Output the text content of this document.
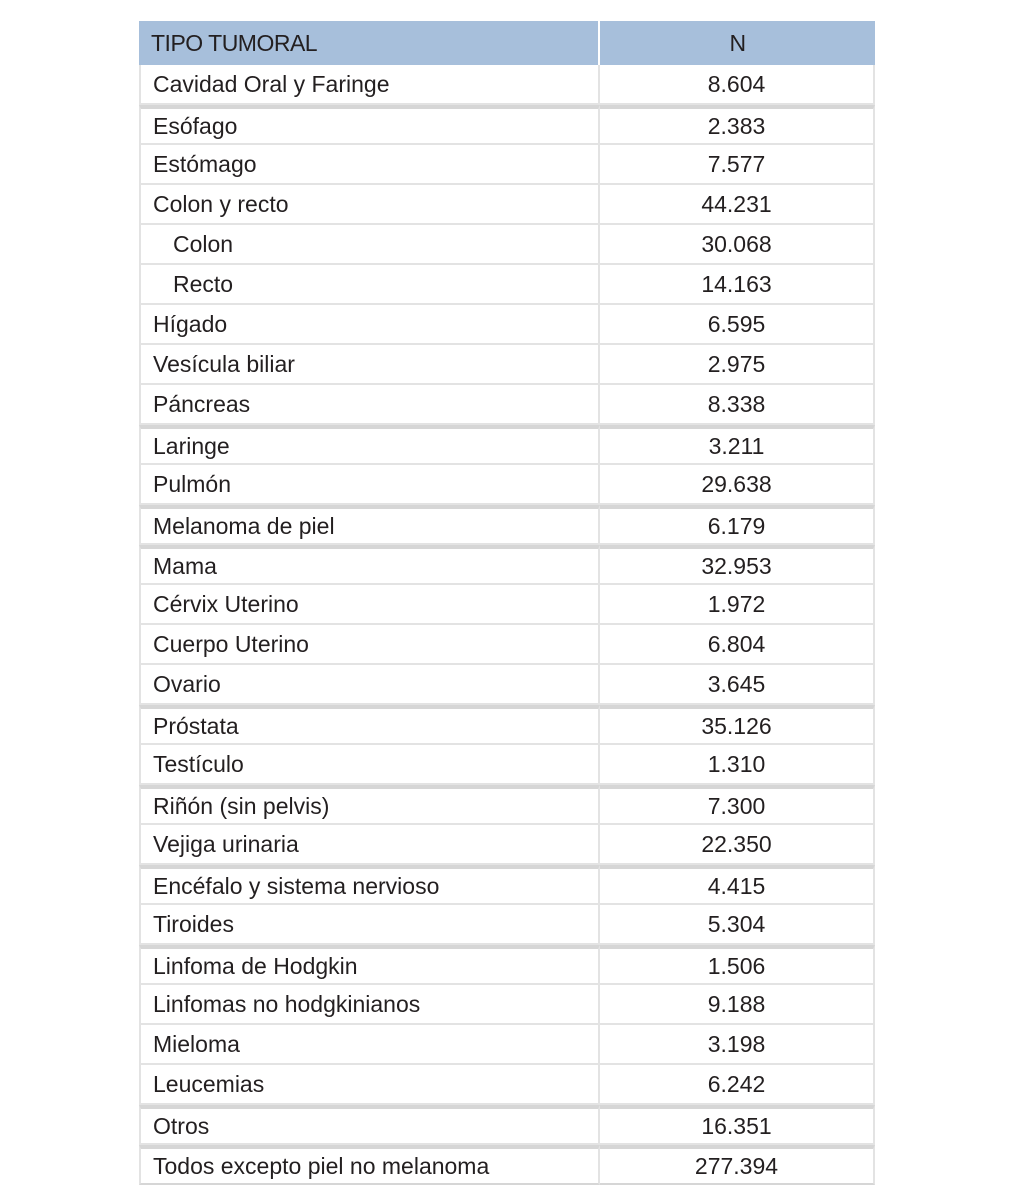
TIPO TUMORAL	N
Cavidad Oral y Faringe	8.604
Esófago	2.383
Estómago	7.577
Colon y recto	44.231
Colon	30.068
Recto	14.163
Hígado	6.595
Vesícula biliar	2.975
Páncreas	8.338
Laringe	3.211
Pulmón	29.638
Melanoma de piel	6.179
Mama	32.953
Cérvix Uterino	1.972
Cuerpo Uterino	6.804
Ovario	3.645
Próstata	35.126
Testículo	1.310
Riñón (sin pelvis)	7.300
Vejiga urinaria	22.350
Encéfalo y sistema nervioso	4.415
Tiroides	5.304
Linfoma de Hodgkin	1.506
Linfomas no hodgkinianos	9.188
Mieloma	3.198
Leucemias	6.242
Otros	16.351
Todos excepto piel no melanoma	277.394
